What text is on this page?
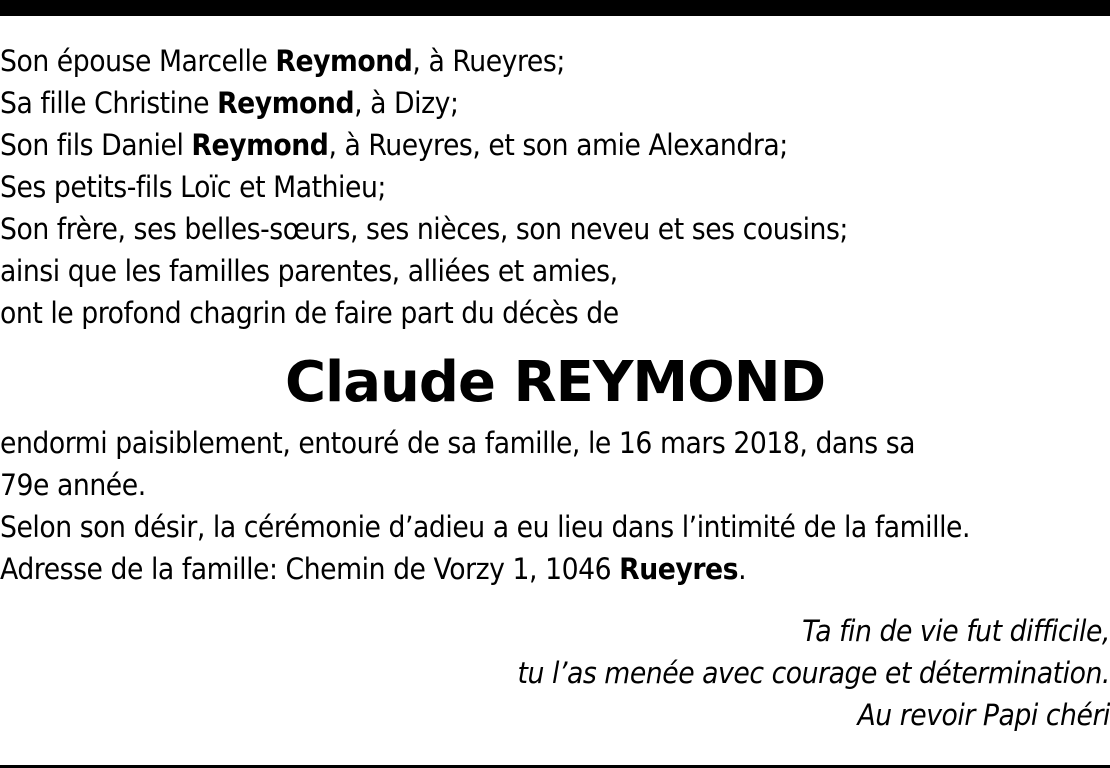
Son épouse Marcelle Reymond, à Rueyres;
Sa fille Christine Reymond, à Dizy;
Son fils Daniel Reymond, à Rueyres, et son amie Alexandra;
Ses petits-fils Loïc et Mathieu;
Son frère, ses belles-sœurs, ses nièces, son neveu et ses cousins;
ainsi que les familles parentes, alliées et amies,
ont le profond chagrin de faire part du décès de
Claude REYMOND
endormi paisiblement, entouré de sa famille, le 16 mars 2018, dans sa
79e année.
Selon son désir, la cérémonie d’adieu a eu lieu dans l’intimité de la famille.
Adresse de la famille: Chemin de Vorzy 1, 1046 Rueyres.
Ta fin de vie fut difficile,
tu l’as menée avec courage et détermination.
Au revoir Papi chéri
